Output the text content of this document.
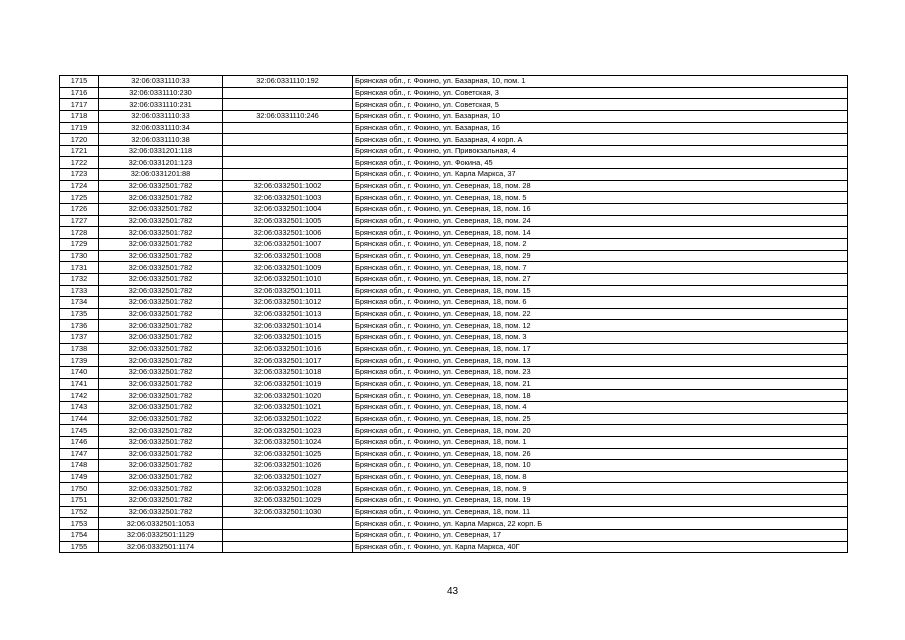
1715	32:06:0331110:33	32:06:0331110:192	Брянская обл., г. Фокино, ул. Базарная, 10, пом. 1
1716	32:06:0331110:230		Брянская обл., г. Фокино, ул. Советская, 3
1717	32:06:0331110:231		Брянская обл., г. Фокино, ул. Советская, 5
1718	32:06:0331110:33	32:06:0331110:246	Брянская обл., г. Фокино, ул. Базарная, 10
1719	32:06:0331110:34		Брянская обл., г. Фокино, ул. Базарная, 16
1720	32:06:0331110:38		Брянская обл., г. Фокино, ул. Базарная, 4 корп. А
1721	32:06:0331201:118		Брянская обл., г. Фокино, ул. Привокзальная, 4
1722	32:06:0331201:123		Брянская обл., г. Фокино, ул. Фокина, 45
1723	32:06:0331201:88		Брянская обл., г. Фокино, ул. Карла Маркса, 37
1724	32:06:0332501:782	32:06:0332501:1002	Брянская обл., г. Фокино, ул. Северная, 18, пом. 28
1725	32:06:0332501:782	32:06:0332501:1003	Брянская обл., г. Фокино, ул. Северная, 18, пом. 5
1726	32:06:0332501:782	32:06:0332501:1004	Брянская обл., г. Фокино, ул. Северная, 18, пом. 16
1727	32:06:0332501:782	32:06:0332501:1005	Брянская обл., г. Фокино, ул. Северная, 18, пом. 24
1728	32:06:0332501:782	32:06:0332501:1006	Брянская обл., г. Фокино, ул. Северная, 18, пом. 14
1729	32:06:0332501:782	32:06:0332501:1007	Брянская обл., г. Фокино, ул. Северная, 18, пом. 2
1730	32:06:0332501:782	32:06:0332501:1008	Брянская обл., г. Фокино, ул. Северная, 18, пом. 29
1731	32:06:0332501:782	32:06:0332501:1009	Брянская обл., г. Фокино, ул. Северная, 18, пом. 7
1732	32:06:0332501:782	32:06:0332501:1010	Брянская обл., г. Фокино, ул. Северная, 18, пом. 27
1733	32:06:0332501:782	32:06:0332501:1011	Брянская обл., г. Фокино, ул. Северная, 18, пом. 15
1734	32:06:0332501:782	32:06:0332501:1012	Брянская обл., г. Фокино, ул. Северная, 18, пом. 6
1735	32:06:0332501:782	32:06:0332501:1013	Брянская обл., г. Фокино, ул. Северная, 18, пом. 22
1736	32:06:0332501:782	32:06:0332501:1014	Брянская обл., г. Фокино, ул. Северная, 18, пом. 12
1737	32:06:0332501:782	32:06:0332501:1015	Брянская обл., г. Фокино, ул. Северная, 18, пом. 3
1738	32:06:0332501:782	32:06:0332501:1016	Брянская обл., г. Фокино, ул. Северная, 18, пом. 17
1739	32:06:0332501:782	32:06:0332501:1017	Брянская обл., г. Фокино, ул. Северная, 18, пом. 13
1740	32:06:0332501:782	32:06:0332501:1018	Брянская обл., г. Фокино, ул. Северная, 18, пом. 23
1741	32:06:0332501:782	32:06:0332501:1019	Брянская обл., г. Фокино, ул. Северная, 18, пом. 21
1742	32:06:0332501:782	32:06:0332501:1020	Брянская обл., г. Фокино, ул. Северная, 18, пом. 18
1743	32:06:0332501:782	32:06:0332501:1021	Брянская обл., г. Фокино, ул. Северная, 18, пом. 4
1744	32:06:0332501:782	32:06:0332501:1022	Брянская обл., г. Фокино, ул. Северная, 18, пом. 25
1745	32:06:0332501:782	32:06:0332501:1023	Брянская обл., г. Фокино, ул. Северная, 18, пом. 20
1746	32:06:0332501:782	32:06:0332501:1024	Брянская обл., г. Фокино, ул. Северная, 18, пом. 1
1747	32:06:0332501:782	32:06:0332501:1025	Брянская обл., г. Фокино, ул. Северная, 18, пом. 26
1748	32:06:0332501:782	32:06:0332501:1026	Брянская обл., г. Фокино, ул. Северная, 18, пом. 10
1749	32:06:0332501:782	32:06:0332501:1027	Брянская обл., г. Фокино, ул. Северная, 18, пом. 8
1750	32:06:0332501:782	32:06:0332501:1028	Брянская обл., г. Фокино, ул. Северная, 18, пом. 9
1751	32:06:0332501:782	32:06:0332501:1029	Брянская обл., г. Фокино, ул. Северная, 18, пом. 19
1752	32:06:0332501:782	32:06:0332501:1030	Брянская обл., г. Фокино, ул. Северная, 18, пом. 11
1753	32:06:0332501:1053		Брянская обл., г. Фокино, ул. Карла Маркса, 22 корп. Б
1754	32:06:0332501:1129		Брянская обл., г. Фокино, ул. Северная, 17
1755	32:06:0332501:1174		Брянская обл., г. Фокино, ул. Карла Маркса, 40Г
43
